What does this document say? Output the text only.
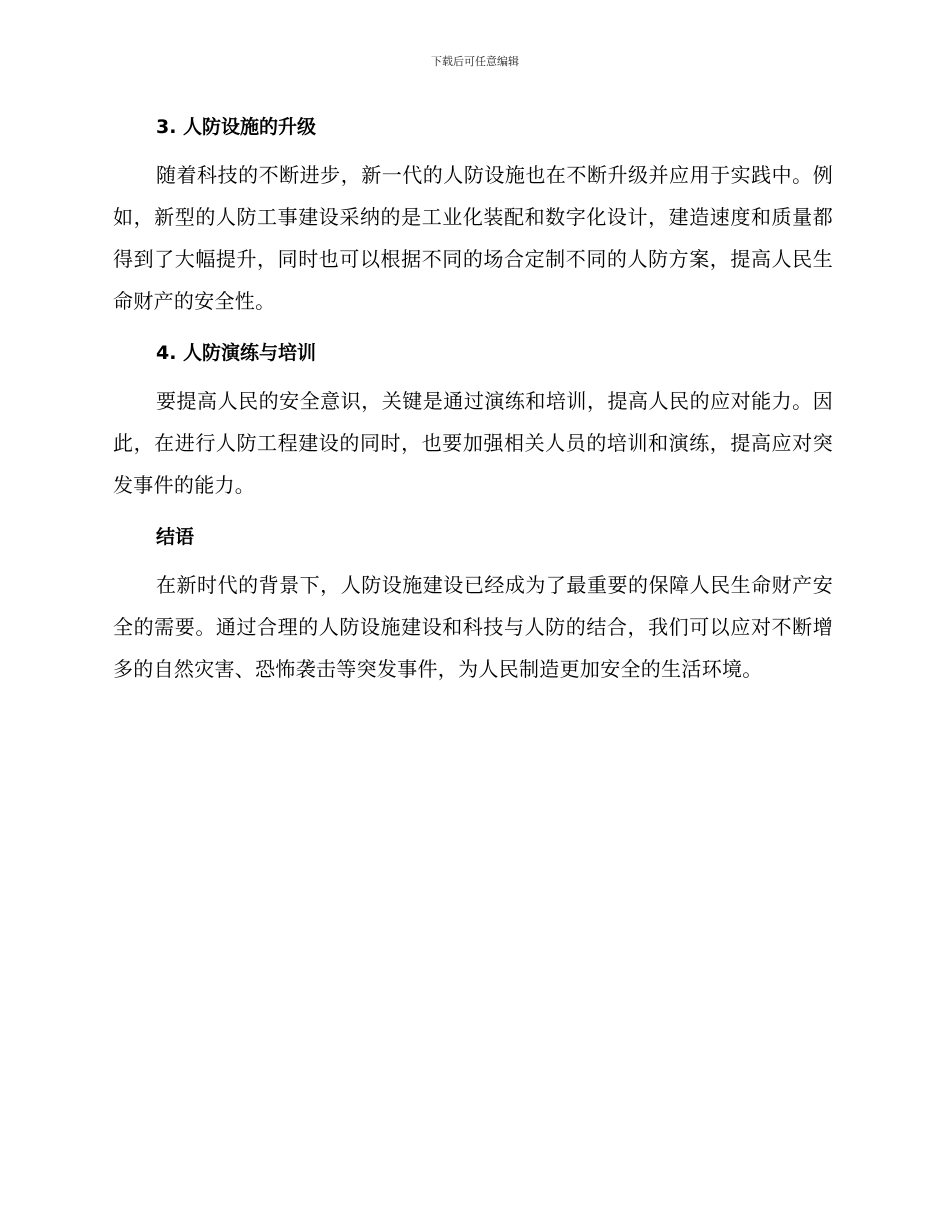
下载后可任意编辑
3. 人防设施的升级

随着科技的不断进步，新一代的人防设施也在不断升级并应用于实践中。例如，新型的人防工事建设采纳的是工业化装配和数字化设计，建造速度和质量都得到了大幅提升，同时也可以根据不同的场合定制不同的人防方案，提高人民生命财产的安全性。

4. 人防演练与培训

要提高人民的安全意识，关键是通过演练和培训，提高人民的应对能力。因此，在进行人防工程建设的同时，也要加强相关人员的培训和演练，提高应对突发事件的能力。

结语

在新时代的背景下，人防设施建设已经成为了最重要的保障人民生命财产安全的需要。通过合理的人防设施建设和科技与人防的结合，我们可以应对不断增多的自然灾害、恐怖袭击等突发事件，为人民制造更加安全的生活环境。
